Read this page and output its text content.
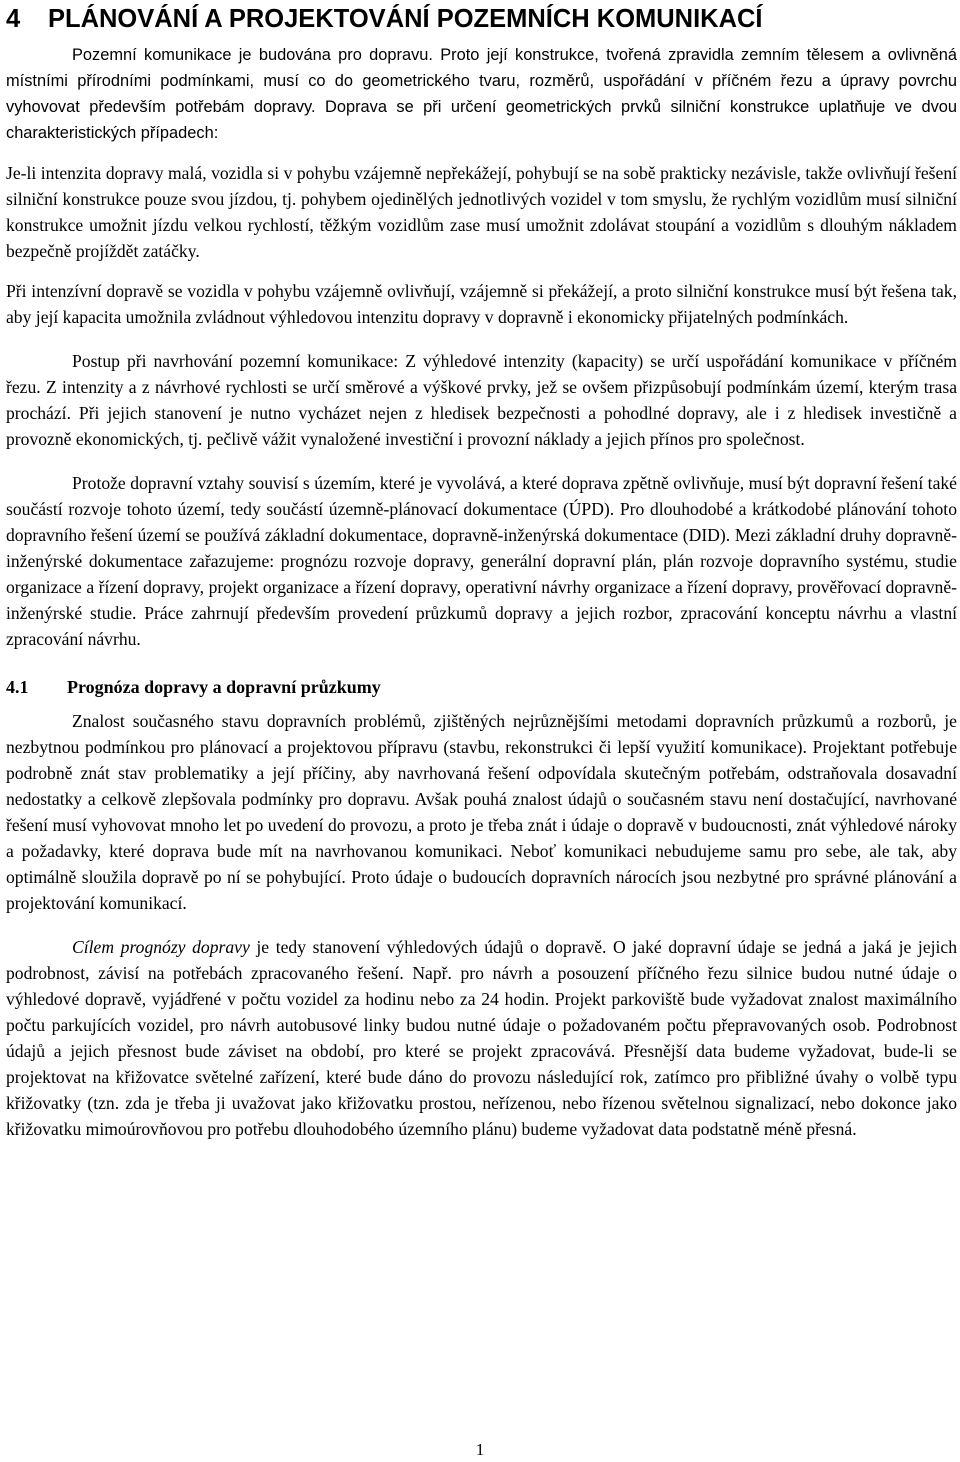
4 PLÁNOVÁNÍ A PROJEKTOVÁNÍ POZEMNÍCH KOMUNIKACÍ

Pozemní komunikace je budována pro dopravu. Proto její konstrukce, tvořená zpravidla zemním tělesem a ovlivněná místními přírodními podmínkami, musí co do geometrického tvaru, rozměrů, uspořádání v příčném řezu a úpravy povrchu vyhovovat především potřebám dopravy. Doprava se při určení geometrických prvků silniční konstrukce uplatňuje ve dvou charakteristických případech:

Je-li intenzita dopravy malá, vozidla si v pohybu vzájemně nepřekážejí, pohybují se na sobě prakticky nezávisle, takže ovlivňují řešení silniční konstrukce pouze svou jízdou, tj. pohybem ojedinělých jednotlivých vozidel v tom smyslu, že rychlým vozidlům musí silniční konstrukce umožnit jízdu velkou rychlostí, těžkým vozidlům zase musí umožnit zdolávat stoupání a vozidlům s dlouhým nákladem bezpečně projíždět zatáčky.

Při intenzívní dopravě se vozidla v pohybu vzájemně ovlivňují, vzájemně si překážejí, a proto silniční konstrukce musí být řešena tak, aby její kapacita umožnila zvládnout výhledovou intenzitu dopravy v dopravně i ekonomicky přijatelných podmínkách.

Postup při navrhování pozemní komunikace: Z výhledové intenzity (kapacity) se určí uspořádání komunikace v příčném řezu. Z intenzity a z návrhové rychlosti se určí směrové a výškové prvky, jež se ovšem přizpůsobují podmínkám území, kterým trasa prochází. Při jejich stanovení je nutno vycházet nejen z hledisek bezpečnosti a pohodlné dopravy, ale i z hledisek investičně a provozně ekonomických, tj. pečlivě vážit vynaložené investiční i provozní náklady a jejich přínos pro společnost.

Protože dopravní vztahy souvisí s územím, které je vyvolává, a které doprava zpětně ovlivňuje, musí být dopravní řešení také součástí rozvoje tohoto území, tedy součástí územně-plánovací dokumentace (ÚPD). Pro dlouhodobé a krátkodobé plánování tohoto dopravního řešení území se používá základní dokumentace, dopravně-inženýrská dokumentace (DID). Mezi základní druhy dopravně-inženýrské dokumentace zařazujeme: prognózu rozvoje dopravy, generální dopravní plán, plán rozvoje dopravního systému, studie organizace a řízení dopravy, projekt organizace a řízení dopravy, operativní návrhy organizace a řízení dopravy, prověřovací dopravně-inženýrské studie. Práce zahrnují především provedení průzkumů dopravy a jejich rozbor, zpracování konceptu návrhu a vlastní zpracování návrhu.

4.1 Prognóza dopravy a dopravní průzkumy

Znalost současného stavu dopravních problémů, zjištěných nejrůznějšími metodami dopravních průzkumů a rozborů, je nezbytnou podmínkou pro plánovací a projektovou přípravu (stavbu, rekonstrukci či lepší využití komunikace). Projektant potřebuje podrobně znát stav problematiky a její příčiny, aby navrhovaná řešení odpovídala skutečným potřebám, odstraňovala dosavadní nedostatky a celkově zlepšovala podmínky pro dopravu. Avšak pouhá znalost údajů o současném stavu není dostačující, navrhované řešení musí vyhovovat mnoho let po uvedení do provozu, a proto je třeba znát i údaje o dopravě v budoucnosti, znát výhledové nároky a požadavky, které doprava bude mít na navrhovanou komunikaci. Neboť komunikaci nebudujeme samu pro sebe, ale tak, aby optimálně sloužila dopravě po ní se pohybující. Proto údaje o budoucích dopravních nárocích jsou nezbytné pro správné plánování a projektování komunikací.

Cílem prognózy dopravy je tedy stanovení výhledových údajů o dopravě. O jaké dopravní údaje se jedná a jaká je jejich podrobnost, závisí na potřebách zpracovaného řešení. Např. pro návrh a posouzení příčného řezu silnice budou nutné údaje o výhledové dopravě, vyjádřené v počtu vozidel za hodinu nebo za 24 hodin. Projekt parkoviště bude vyžadovat znalost maximálního počtu parkujících vozidel, pro návrh autobusové linky budou nutné údaje o požadovaném počtu přepravovaných osob. Podrobnost údajů a jejich přesnost bude záviset na období, pro které se projekt zpracovává. Přesnější data budeme vyžadovat, bude-li se projektovat na křižovatce světelné zařízení, které bude dáno do provozu následující rok, zatímco pro přibližné úvahy o volbě typu křižovatky (tzn. zda je třeba ji uvažovat jako křižovatku prostou, neřízenou, nebo řízenou světelnou signalizací, nebo dokonce jako křižovatku mimoúrovňovou pro potřebu dlouhodobého územního plánu) budeme vyžadovat data podstatně méně přesná.

1
